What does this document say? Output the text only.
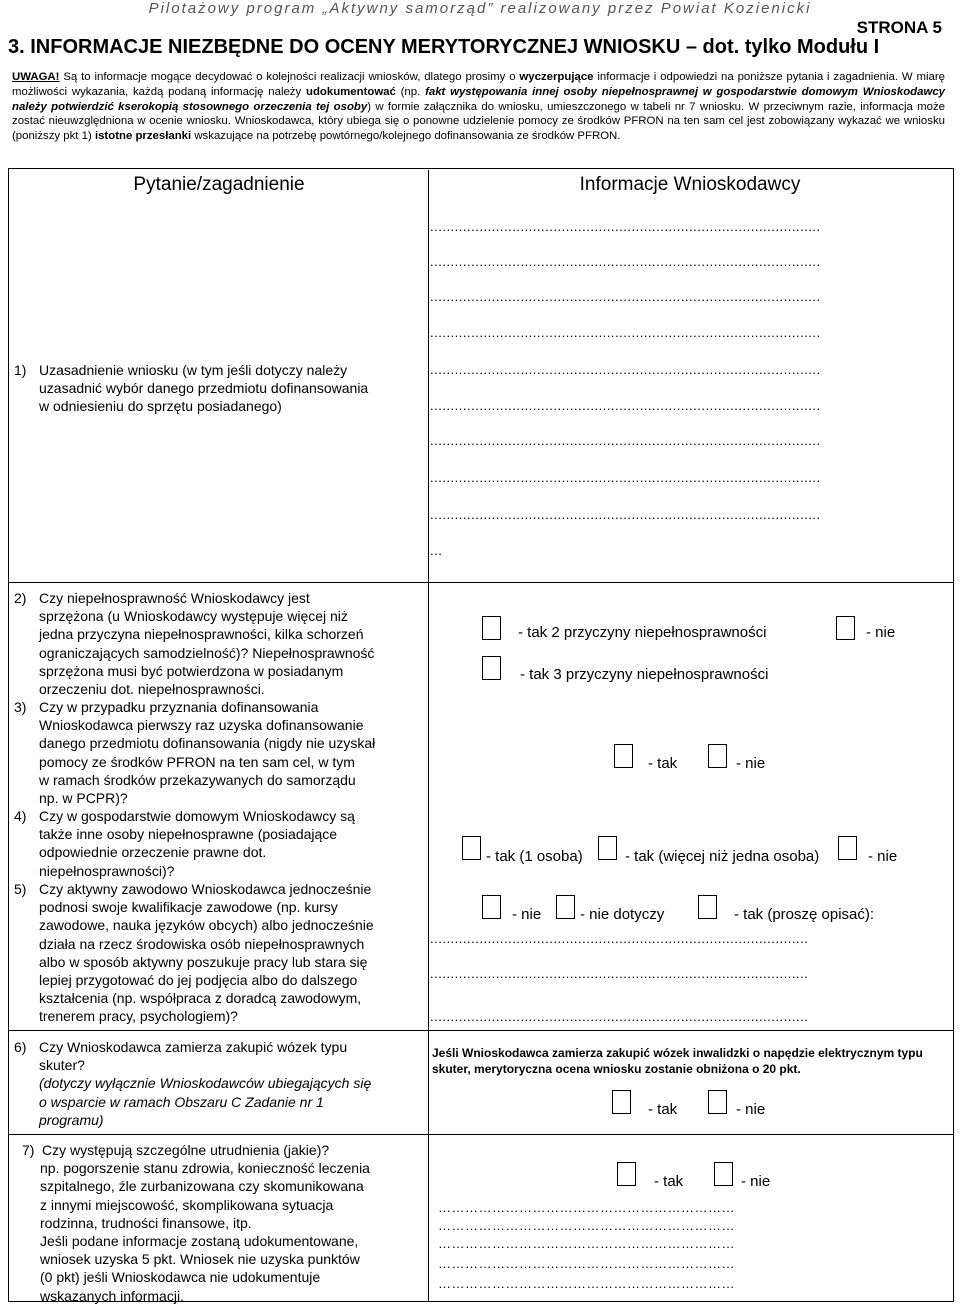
Pilotażowy program „Aktywny samorząd” realizowany przez Powiat Kozienicki
STRONA 5
3. INFORMACJE NIEZBĘDNE DO OCENY MERYTORYCZNEJ WNIOSKU – dot. tylko Modułu I
UWAGA! Są to informacje mogące decydować o kolejności realizacji wniosków, dlatego prosimy o wyczerpujące informacje i odpowiedzi na poniższe pytania i zagadnienia. W miarę możliwości wykazania, każdą podaną informację należy udokumentować (np. fakt występowania innej osoby niepełnosprawnej w gospodarstwie domowym Wnioskodawcy należy potwierdzić kserokopią stosownego orzeczenia tej osoby) w formie załącznika do wniosku, umieszczonego w tabeli nr 7 wniosku. W przeciwnym razie, informacja może zostać nieuwzględniona w ocenie wniosku. Wnioskodawca, który ubiega się o ponowne udzielenie pomocy ze środków PFRON na ten sam cel jest zobowiązany wykazać we wniosku (poniższy pkt 1) istotne przesłanki wskazujące na potrzebę powtórnego/kolejnego dofinansowania ze środków PFRON.
Pytanie/zagadnienie	Informacje Wnioskodawcy
1) Uzasadnienie wniosku (w tym jeśli dotyczy należy
uzasadnić wybór danego przedmiotu dofinansowania
w odniesieniu do sprzętu posiadanego)
...............................................................................................
...............................................................................................
...............................................................................................
...............................................................................................
...............................................................................................
...............................................................................................
...............................................................................................
...............................................................................................
...............................................................................................
...
2) Czy niepełnosprawność Wnioskodawcy jest
sprzężona (u Wnioskodawcy występuje więcej niż
jedna przyczyna niepełnosprawności, kilka schorzeń
ograniczających samodzielność)? Niepełnosprawność
sprzężona musi być potwierdzona w posiadanym
orzeczeniu dot. niepełnosprawności.
- tak 2 przyczyny niepełnosprawności	- nie
- tak 3 przyczyny niepełnosprawności
3) Czy w przypadku przyznania dofinansowania
Wnioskodawca pierwszy raz uzyska dofinansowanie
danego przedmiotu dofinansowania (nigdy nie uzyskał
pomocy ze środków PFRON na ten sam cel, w tym
w ramach środków przekazywanych do samorządu
np. w PCPR)?
- tak	- nie
4) Czy w gospodarstwie domowym Wnioskodawcy są
także inne osoby niepełnosprawne (posiadające
odpowiednie orzeczenie prawne dot.
niepełnosprawności)?
- tak (1 osoba)	- tak (więcej niż jedna osoba)	- nie
5) Czy aktywny zawodowo Wnioskodawca jednocześnie
podnosi swoje kwalifikacje zawodowe (np. kursy
zawodowe, nauka języków obcych) albo jednocześnie
działa na rzecz środowiska osób niepełnosprawnych
albo w sposób aktywny poszukuje pracy lub stara się
lepiej przygotować do jej podjęcia albo do dalszego
kształcenia (np. współpraca z doradcą zawodowym,
trenerem pracy, psychologiem)?
- nie	- nie dotyczy	- tak (proszę opisać):
............................................................................................
............................................................................................
............................................................................................
6) Czy Wnioskodawca zamierza zakupić wózek typu
skuter?
(dotyczy wyłącznie Wnioskodawców ubiegających się
o wsparcie w ramach Obszaru C Zadanie nr 1
programu)
Jeśli Wnioskodawca zamierza zakupić wózek inwalidzki o napędzie elektrycznym typu skuter, merytoryczna ocena wniosku zostanie obniżona o 20 pkt.
- tak	- nie
7) Czy występują szczególne utrudnienia (jakie)?
np. pogorszenie stanu zdrowia, konieczność leczenia
szpitalnego, źle zurbanizowana czy skomunikowana
z innymi miejscowość, skomplikowana sytuacja
rodzinna, trudności finansowe, itp.
Jeśli podane informacje zostaną udokumentowane,
wniosek uzyska 5 pkt. Wniosek nie uzyska punktów
(0 pkt) jeśli Wnioskodawca nie udokumentuje
wskazanych informacji.
- tak	- nie
…………………………………………………………
…………………………………………………………
…………………………………………………………
…………………………………………………………
…………………………………………………………
